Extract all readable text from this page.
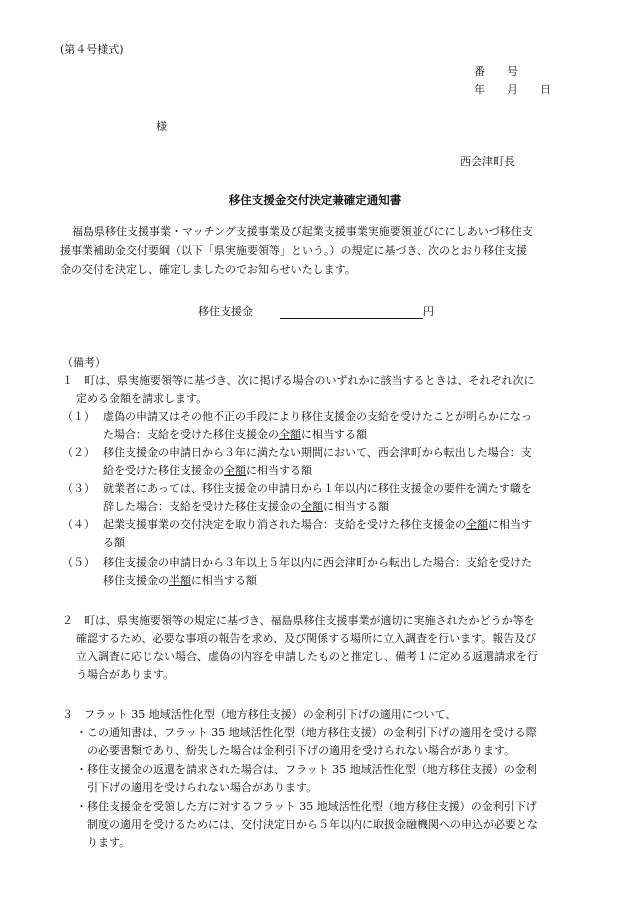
(第４号様式)
番　　号
年　　月　　日
様
西会津町長
移住支援金交付決定兼確定通知書
福島県移住支援事業・マッチング支援事業及び起業支援事業実施要領並びににしあいづ移住支
援事業補助金交付要綱（以下「県実施要領等」という。）の規定に基づき、次のとおり移住支援
金の交付を決定し、確定しましたのでお知らせいたします。
移住支援金	円
（備考）
１　町は、県実施要領等に基づき、次に掲げる場合のいずれかに該当するときは、それぞれ次に
定める金額を請求します。
（１） 虚偽の申請又はその他不正の手段により移住支援金の支給を受けたことが明らかになっ
た場合：支給を受けた移住支援金の全額に相当する額
（２） 移住支援金の申請日から３年に満たない期間において、西会津町から転出した場合：支
給を受けた移住支援金の全額に相当する額
（３） 就業者にあっては、移住支援金の申請日から１年以内に移住支援金の要件を満たす職を
辞した場合：支給を受けた移住支援金の全額に相当する額
（４） 起業支援事業の交付決定を取り消された場合：支給を受けた移住支援金の全額に相当す
る額
（５） 移住支援金の申請日から３年以上５年以内に西会津町から転出した場合：支給を受けた
移住支援金の半額に相当する額
２　町は、県実施要領等の規定に基づき、福島県移住支援事業が適切に実施されたかどうか等を
確認するため、必要な事項の報告を求め、及び関係する場所に立入調査を行います。報告及び
立入調査に応じない場合、虚偽の内容を申請したものと推定し、備考１に定める返還請求を行
う場合があります。
３　フラット 35 地域活性化型（地方移住支援）の金利引下げの適用について、
・この通知書は、フラット 35 地域活性化型（地方移住支援）の金利引下げの適用を受ける際
の必要書類であり、紛失した場合は金利引下げの適用を受けられない場合があります。
・移住支援金の返還を請求された場合は、フラット 35 地域活性化型（地方移住支援）の金利
引下げの適用を受けられない場合があります。
・移住支援金を受領した方に対するフラット 35 地域活性化型（地方移住支援）の金利引下げ
制度の適用を受けるためには、交付決定日から５年以内に取扱金融機関への申込が必要とな
ります。
